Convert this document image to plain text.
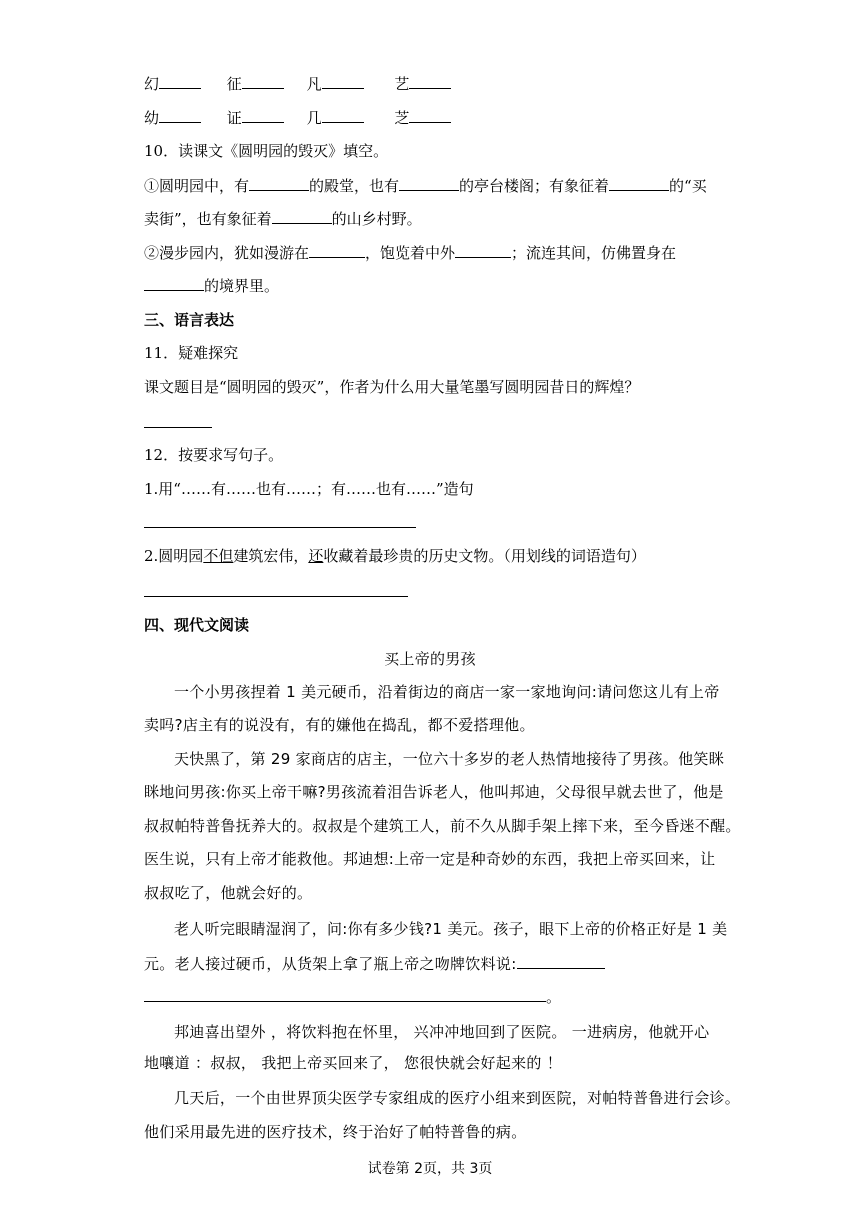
幻	征	凡	艺
幼	证	几	芝
10．读课文《圆明园的毁灭》填空。
①圆明园中，有	的殿堂，也有	的亭台楼阁；有象征着	的“买
卖街”，也有象征着	的山乡村野。
②漫步园内，犹如漫游在	，饱览着中外	；流连其间，仿佛置身在
的境界里。
三、语言表达
11．疑难探究
课文题目是“圆明园的毁灭”，作者为什么用大量笔墨写圆明园昔日的辉煌？
12．按要求写句子。
1.用“……有……也有……；有……也有……”造句
2.圆明园不但建筑宏伟，还收藏着最珍贵的历史文物。（用划线的词语造句）
四、现代文阅读
买上帝的男孩
一个小男孩捏着 1 美元硬币，沿着街边的商店一家一家地询问:请问您这儿有上帝
卖吗?店主有的说没有，有的嫌他在捣乱，都不爱搭理他。
天快黑了，第 29 家商店的店主，一位六十多岁的老人热情地接待了男孩。他笑眯
眯地问男孩:你买上帝干嘛?男孩流着泪告诉老人，他叫邦迪，父母很早就去世了，他是
叔叔帕特普鲁抚养大的。叔叔是个建筑工人，前不久从脚手架上摔下来，至今昏迷不醒。
医生说，只有上帝才能救他。邦迪想:上帝一定是种奇妙的东西，我把上帝买回来，让
叔叔吃了，他就会好的。
老人听完眼睛湿润了，问:你有多少钱?1 美元。孩子，眼下上帝的价格正好是 1 美
元。老人接过硬币，从货架上拿了瓶上帝之吻牌饮料说:
。
邦迪喜出望外 ，将饮料抱在怀里， 兴冲冲地回到了医院。 一进病房，他就开心
地嚷道 ：叔叔， 我把上帝买回来了， 您很快就会好起来的 ！
几天后，一个由世界顶尖医学专家组成的医疗小组来到医院，对帕特普鲁进行会诊。
他们采用最先进的医疗技术，终于治好了帕特普鲁的病。
试卷第 2页，共 3页
